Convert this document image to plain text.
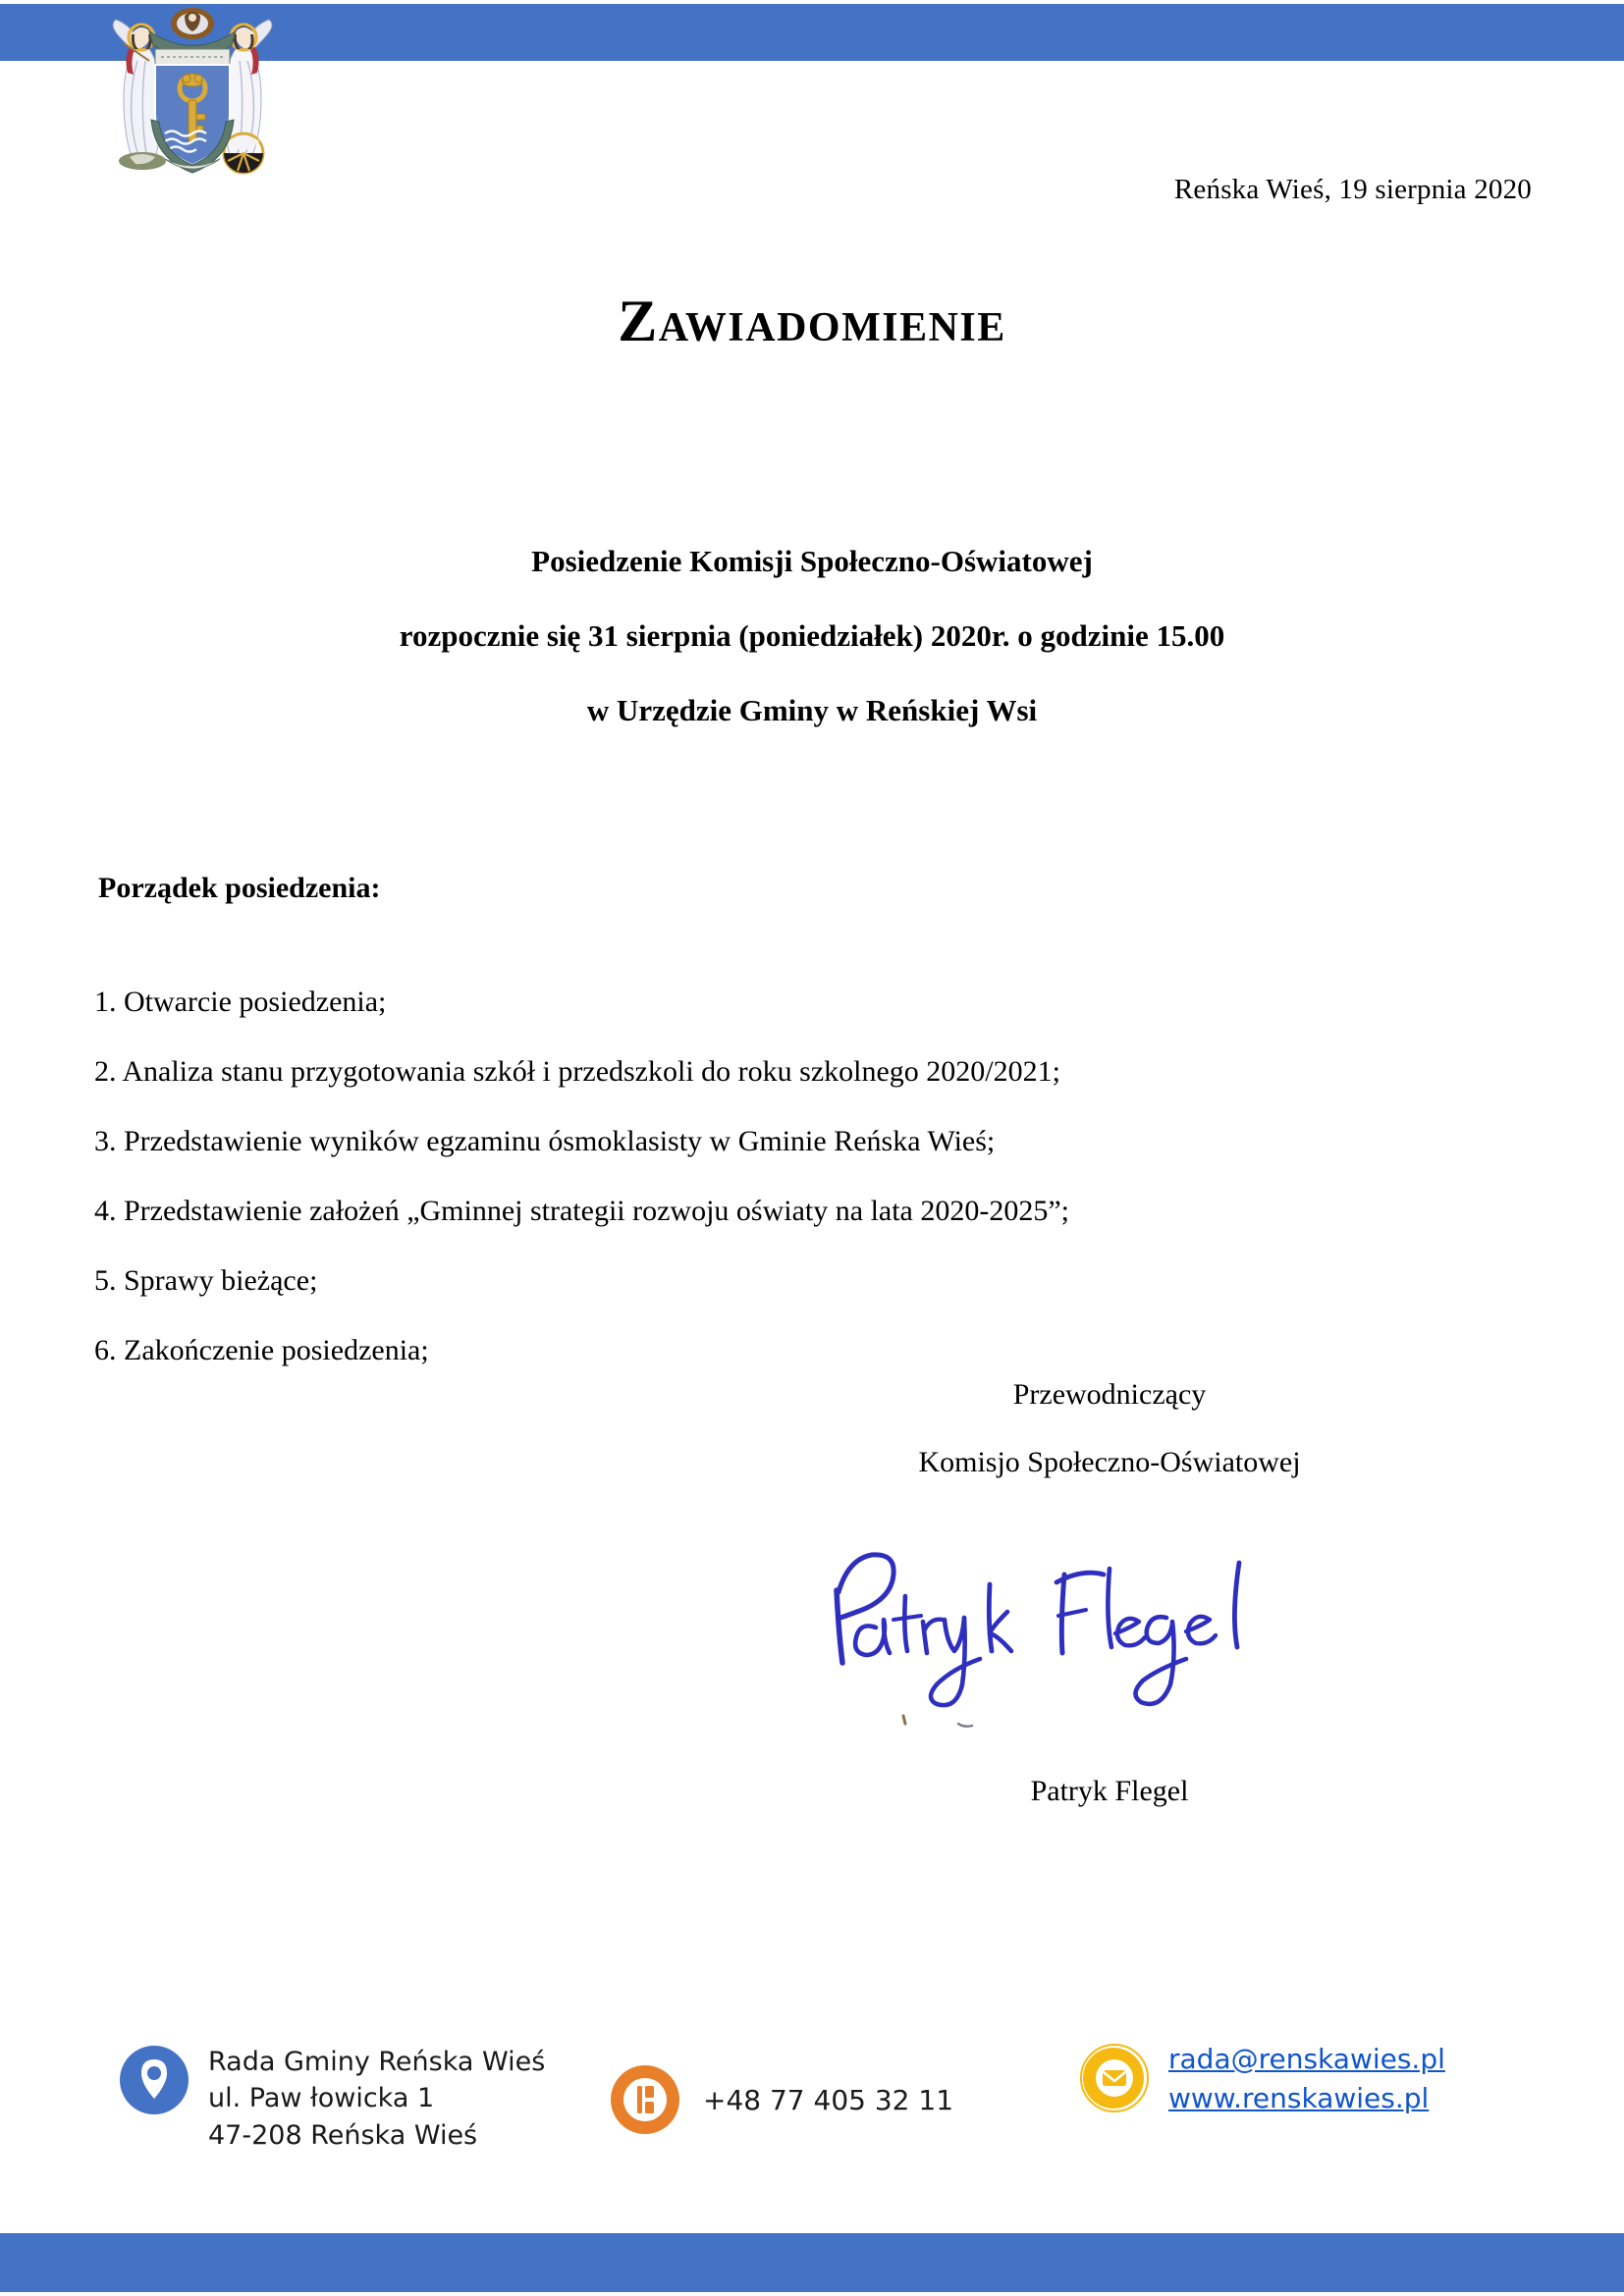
Reńska Wieś, 19 sierpnia 2020
Zawiadomienie
Posiedzenie Komisji Społeczno-Oświatowej
rozpocznie się 31 sierpnia (poniedziałek) 2020r. o godzinie 15.00
w Urzędzie Gminy w Reńskiej Wsi
Porządek posiedzenia:
1. Otwarcie posiedzenia;
2. Analiza stanu przygotowania szkół i przedszkoli do roku szkolnego 2020/2021;
3. Przedstawienie wyników egzaminu ósmoklasisty w Gminie Reńska Wieś;
4. Przedstawienie założeń „Gminnej strategii rozwoju oświaty na lata 2020-2025”;
5. Sprawy bieżące;
6. Zakończenie posiedzenia;
Przewodniczący
Komisjo Społeczno-Oświatowej
Patryk Flegel
Rada Gminy Reńska Wieś
ul. Paw łowicka 1
47-208 Reńska Wieś
+48 77 405 32 11
rada@renskawies.pl
www.renskawies.pl
